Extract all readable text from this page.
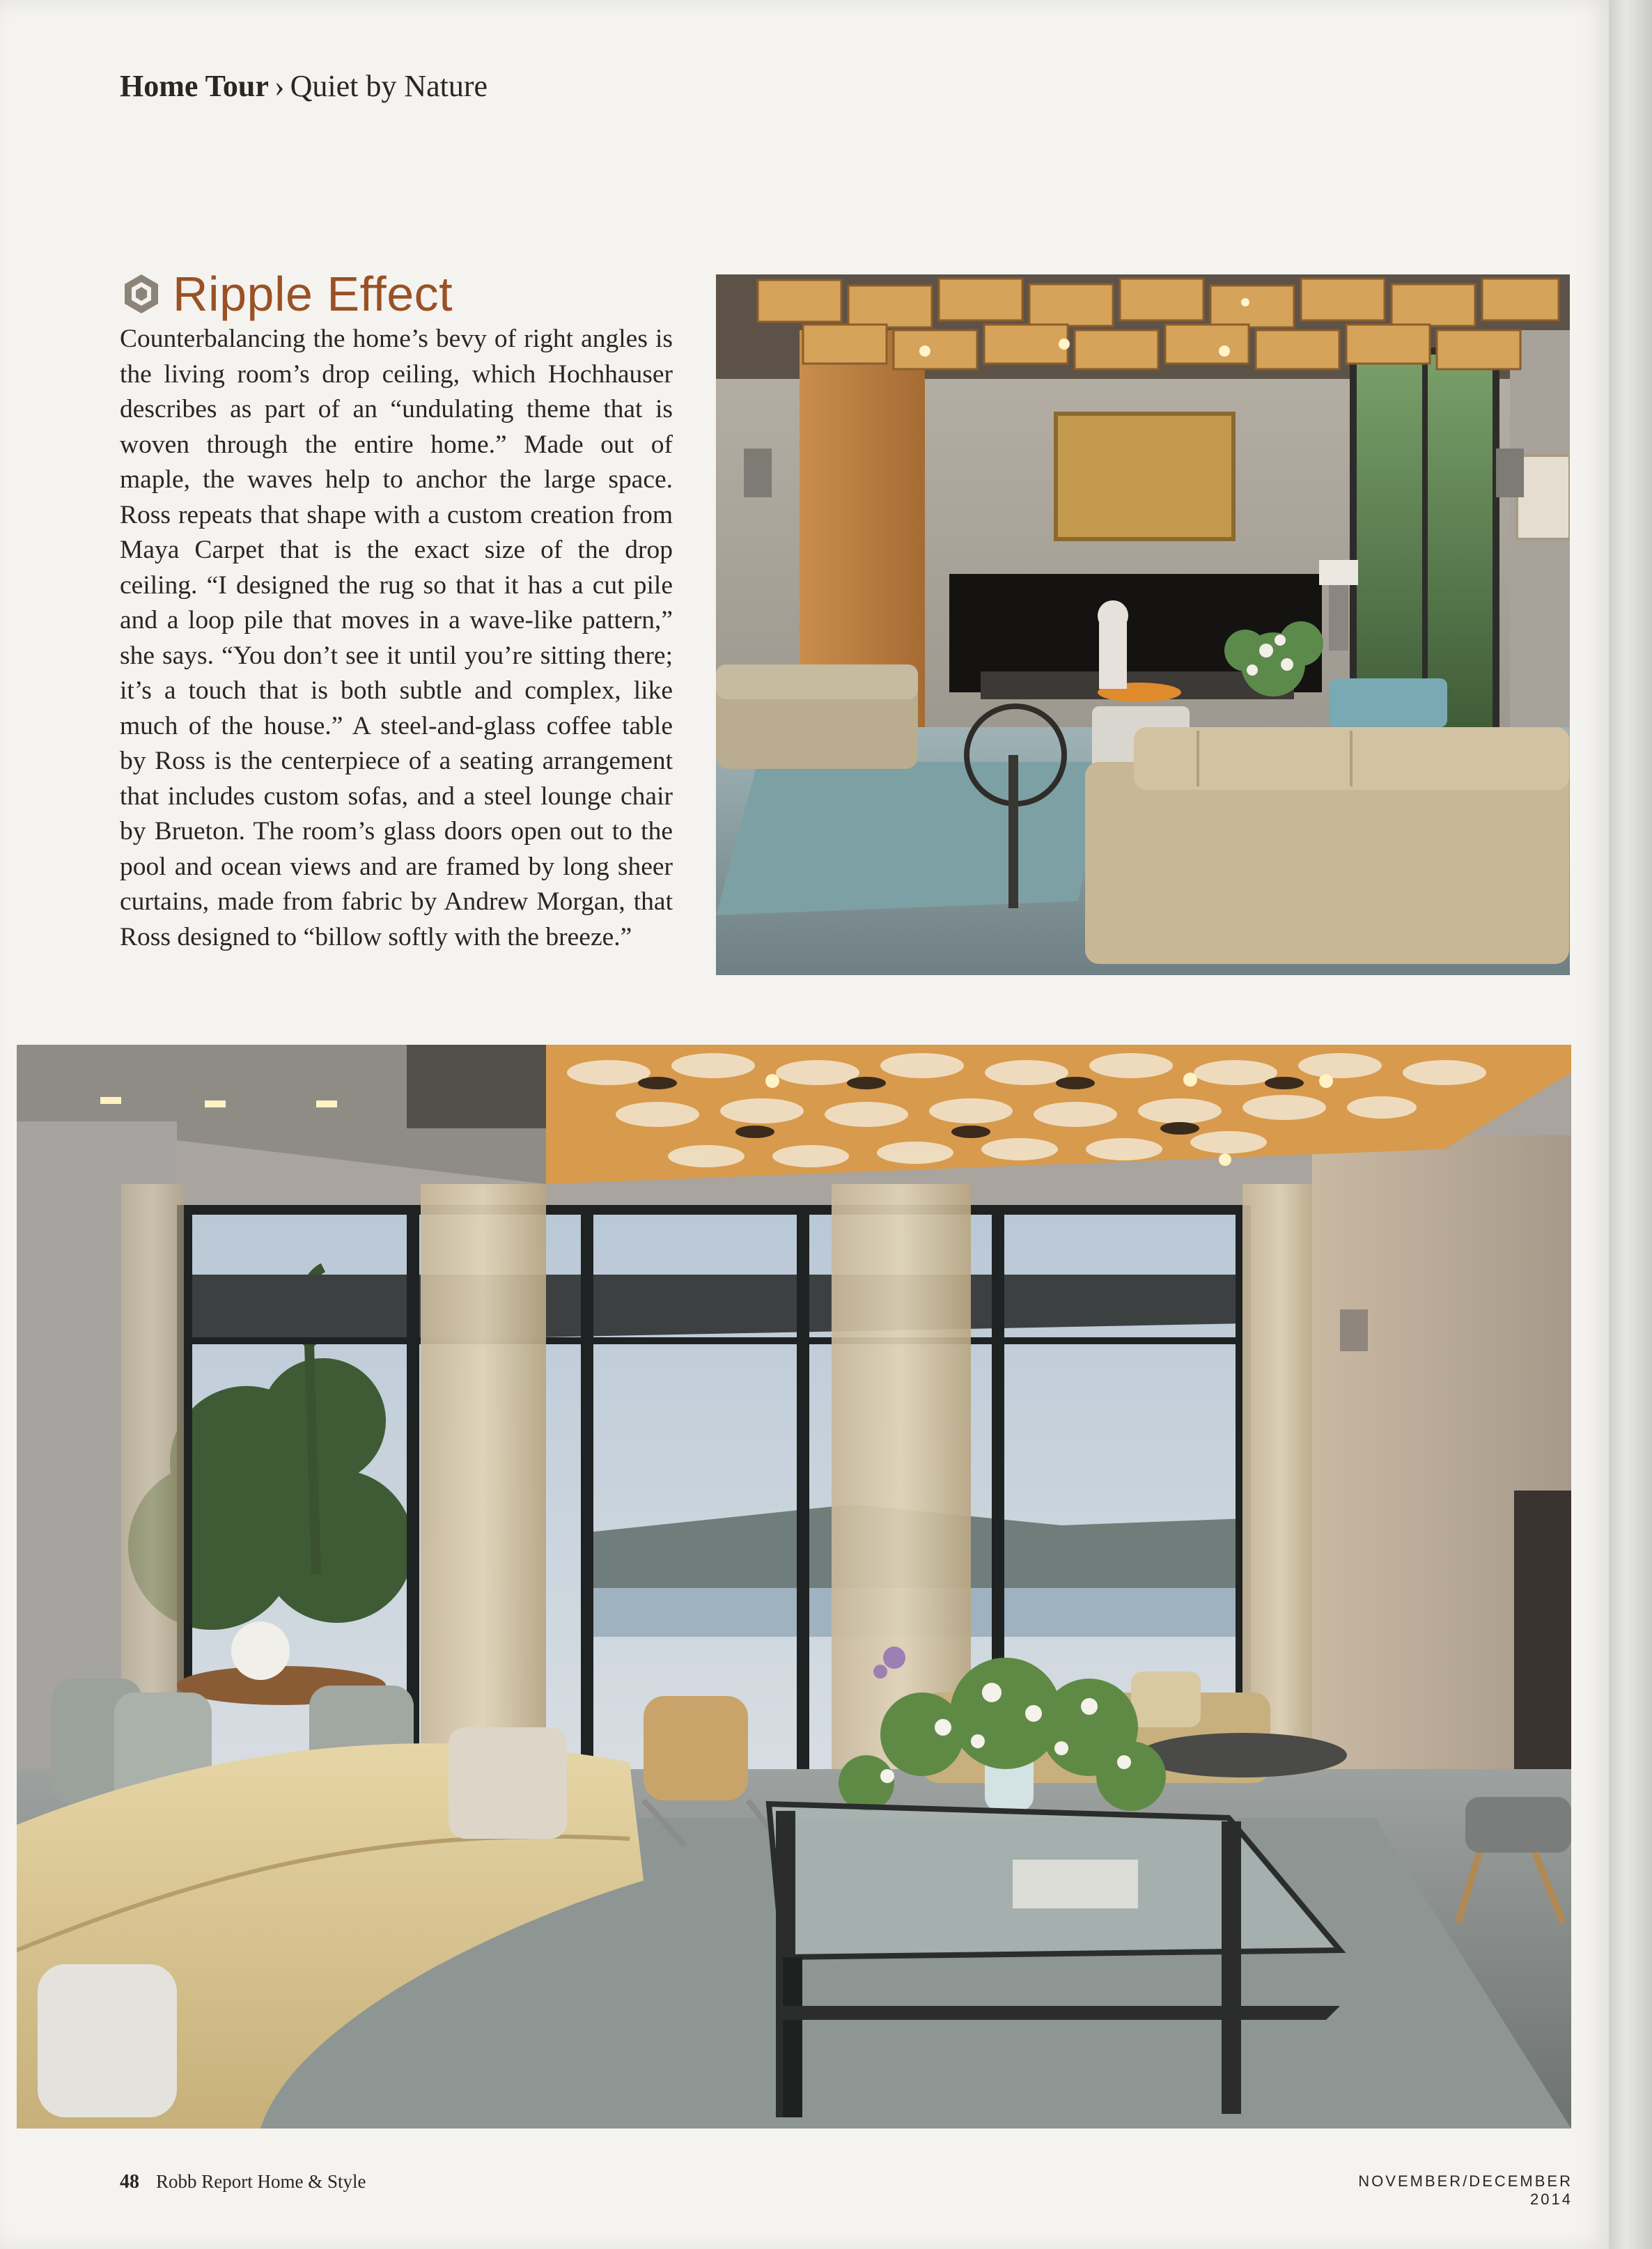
Home Tour › Quiet by Nature
Ripple Effect

Counterbalancing the home’s bevy of right angles is the living room’s drop ceiling, which Hochhauser describes as part of an “undulating theme that is woven through the entire home.” Made out of maple, the waves help to anchor the large space. Ross repeats that shape with a custom creation from Maya Carpet that is the exact size of the drop ceiling. “I designed the rug so that it has a cut pile and a loop pile that moves in a wave-like pattern,” she says. “You don’t see it until you’re sitting there; it’s a touch that is both subtle and complex, like much of the house.” A steel-and-glass coffee table by Ross is the centerpiece of a seating arrangement that includes custom sofas, and a steel lounge chair by Brueton. The room’s glass doors open out to the pool and ocean views and are framed by long sheer curtains, made from fabric by Andrew Morgan, that Ross designed to “billow softly with the breeze.”

48 Robb Report Home & Style	NOVEMBER/DECEMBER 2014
